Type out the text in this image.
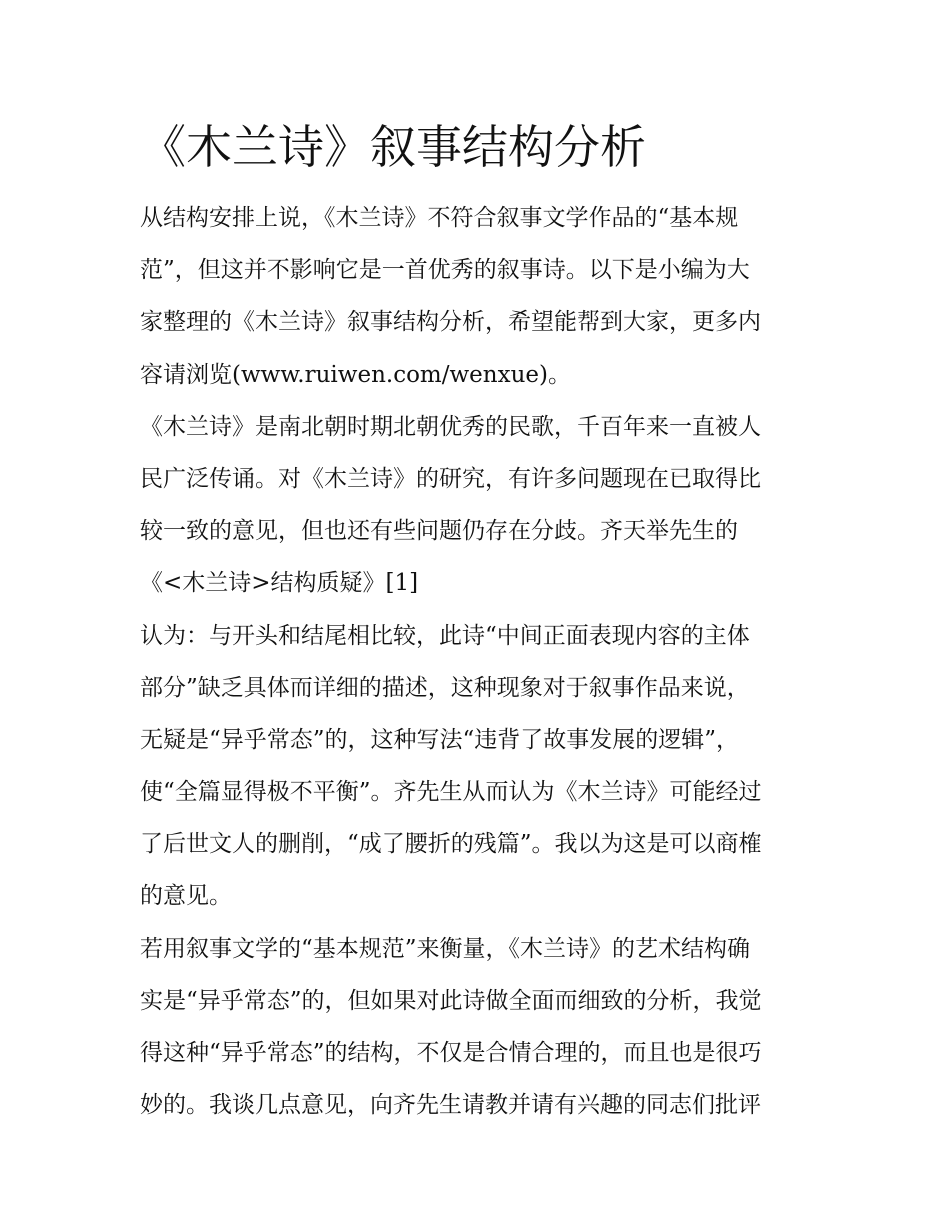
《木兰诗》叙事结构分析
从结构安排上说，《木兰诗》不符合叙事文学作品的“基本规
范”，但这并不影响它是一首优秀的叙事诗。以下是小编为大
家整理的《木兰诗》叙事结构分析，希望能帮到大家，更多内
容请浏览(www.ruiwen.com/wenxue)。
《木兰诗》是南北朝时期北朝优秀的民歌，千百年来一直被人
民广泛传诵。对《木兰诗》的研究，有许多问题现在已取得比
较一致的意见，但也还有些问题仍存在分歧。齐天举先生的
《<木兰诗>结构质疑》[1]
认为：与开头和结尾相比较，此诗“中间正面表现内容的主体
部分”缺乏具体而详细的描述，这种现象对于叙事作品来说，
无疑是“异乎常态”的，这种写法“违背了故事发展的逻辑”，
使“全篇显得极不平衡”。齐先生从而认为《木兰诗》可能经过
了后世文人的删削，“成了腰折的残篇”。我以为这是可以商榷
的意见。
若用叙事文学的“基本规范”来衡量，《木兰诗》的艺术结构确
实是“异乎常态”的，但如果对此诗做全面而细致的分析，我觉
得这种“异乎常态”的结构，不仅是合情合理的，而且也是很巧
妙的。我谈几点意见，向齐先生请教并请有兴趣的同志们批评
